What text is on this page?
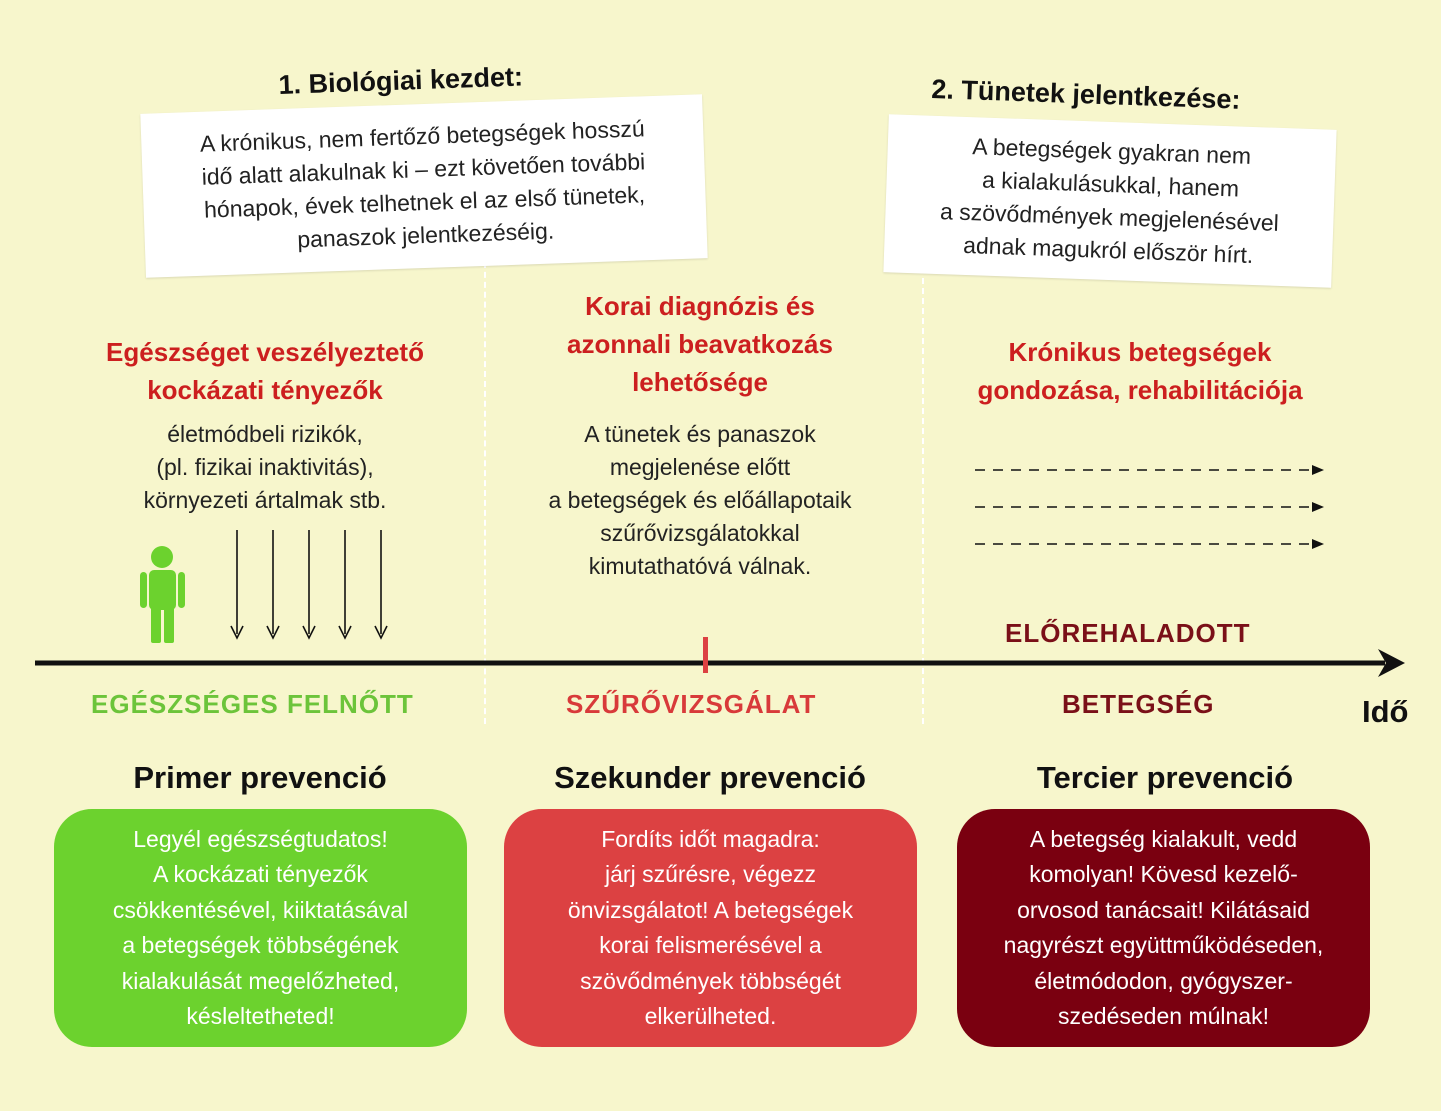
1. Biológiai kezdet:
A krónikus, nem fertőző betegségek hosszú
idő alatt alakulnak ki – ezt követően további
hónapok, évek telhetnek el az első tünetek,
panaszok jelentkezéséig.
2. Tünetek jelentkezése:
A betegségek gyakran nem
a kialakulásukkal, hanem
a szövődmények megjelenésével
adnak magukról először hírt.
Egészséget veszélyeztető
kockázati tényezők
életmódbeli rizikók,
(pl. fizikai inaktivitás),
környezeti ártalmak stb.
Korai diagnózis és
azonnali beavatkozás
lehetősége
A tünetek és panaszok
megjelenése előtt
a betegségek és előállapotaik
szűrővizsgálatokkal
kimutathatóvá válnak.
Krónikus betegségek
gondozása, rehabilitációja
ELŐREHALADOTT
EGÉSZSÉGES FELNŐTT	SZŰRŐVIZSGÁLAT	BETEGSÉG	Idő
Primer prevenció	Szekunder prevenció	Tercier prevenció
Legyél egészségtudatos!
A kockázati tényezők
csökkentésével, kiiktatásával
a betegségek többségének
kialakulását megelőzheted,
késleltetheted!
Fordíts időt magadra:
járj szűrésre, végezz
önvizsgálatot! A betegségek
korai felismerésével a
szövődmények többségét
elkerülheted.
A betegség kialakult, vedd
komolyan! Kövesd kezelő-
orvosod tanácsait! Kilátásaid
nagyrészt együttműködéseden,
életmódodon, gyógyszer-
szedéseden múlnak!
